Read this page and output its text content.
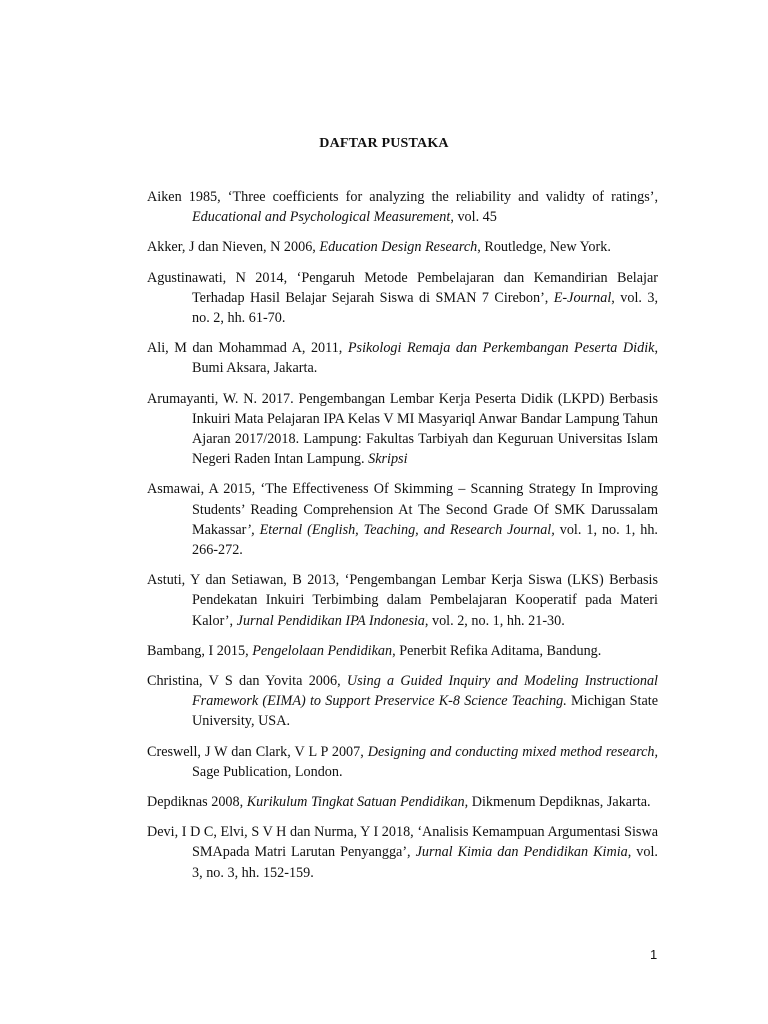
DAFTAR PUSTAKA

Aiken 1985, ‘Three coefficients for analyzing the reliability and validty of ratings’, Educational and Psychological Measurement, vol. 45

Akker, J dan Nieven, N 2006, Education Design Research, Routledge, New York.

Agustinawati, N 2014, ‘Pengaruh Metode Pembelajaran dan Kemandirian Belajar Terhadap Hasil Belajar Sejarah Siswa di SMAN 7 Cirebon’, E-Journal, vol. 3, no. 2, hh. 61-70.

Ali, M dan Mohammad A, 2011, Psikologi Remaja dan Perkembangan Peserta Didik, Bumi Aksara, Jakarta.

Arumayanti, W. N. 2017. Pengembangan Lembar Kerja Peserta Didik (LKPD) Berbasis Inkuiri Mata Pelajaran IPA Kelas V MI Masyariql Anwar Bandar Lampung Tahun Ajaran 2017/2018. Lampung: Fakultas Tarbiyah dan Keguruan Universitas Islam Negeri Raden Intan Lampung. Skripsi

Asmawai, A 2015, ‘The Effectiveness Of Skimming – Scanning Strategy In Improving Students’ Reading Comprehension At The Second Grade Of SMK Darussalam Makassar’, Eternal (English, Teaching, and Research Journal, vol. 1, no. 1, hh. 266-272.

Astuti, Y dan Setiawan, B 2013, ‘Pengembangan Lembar Kerja Siswa (LKS) Berbasis Pendekatan Inkuiri Terbimbing dalam Pembelajaran Kooperatif pada Materi Kalor’, Jurnal Pendidikan IPA Indonesia, vol. 2, no. 1, hh. 21-30.

Bambang, I 2015, Pengelolaan Pendidikan, Penerbit Refika Aditama, Bandung.

Christina, V S dan Yovita 2006, Using a Guided Inquiry and Modeling Instructional Framework (EIMA) to Support Preservice K-8 Science Teaching. Michigan State University, USA.

Creswell, J W dan Clark, V L P 2007, Designing and conducting mixed method research, Sage Publication, London.

Depdiknas 2008, Kurikulum Tingkat Satuan Pendidikan, Dikmenum Depdiknas, Jakarta.

Devi, I D C, Elvi, S V H dan Nurma, Y I 2018, ‘Analisis Kemampuan Argumentasi Siswa SMApada Matri Larutan Penyangga’, Jurnal Kimia dan Pendidikan Kimia, vol. 3, no. 3, hh. 152-159.

1
